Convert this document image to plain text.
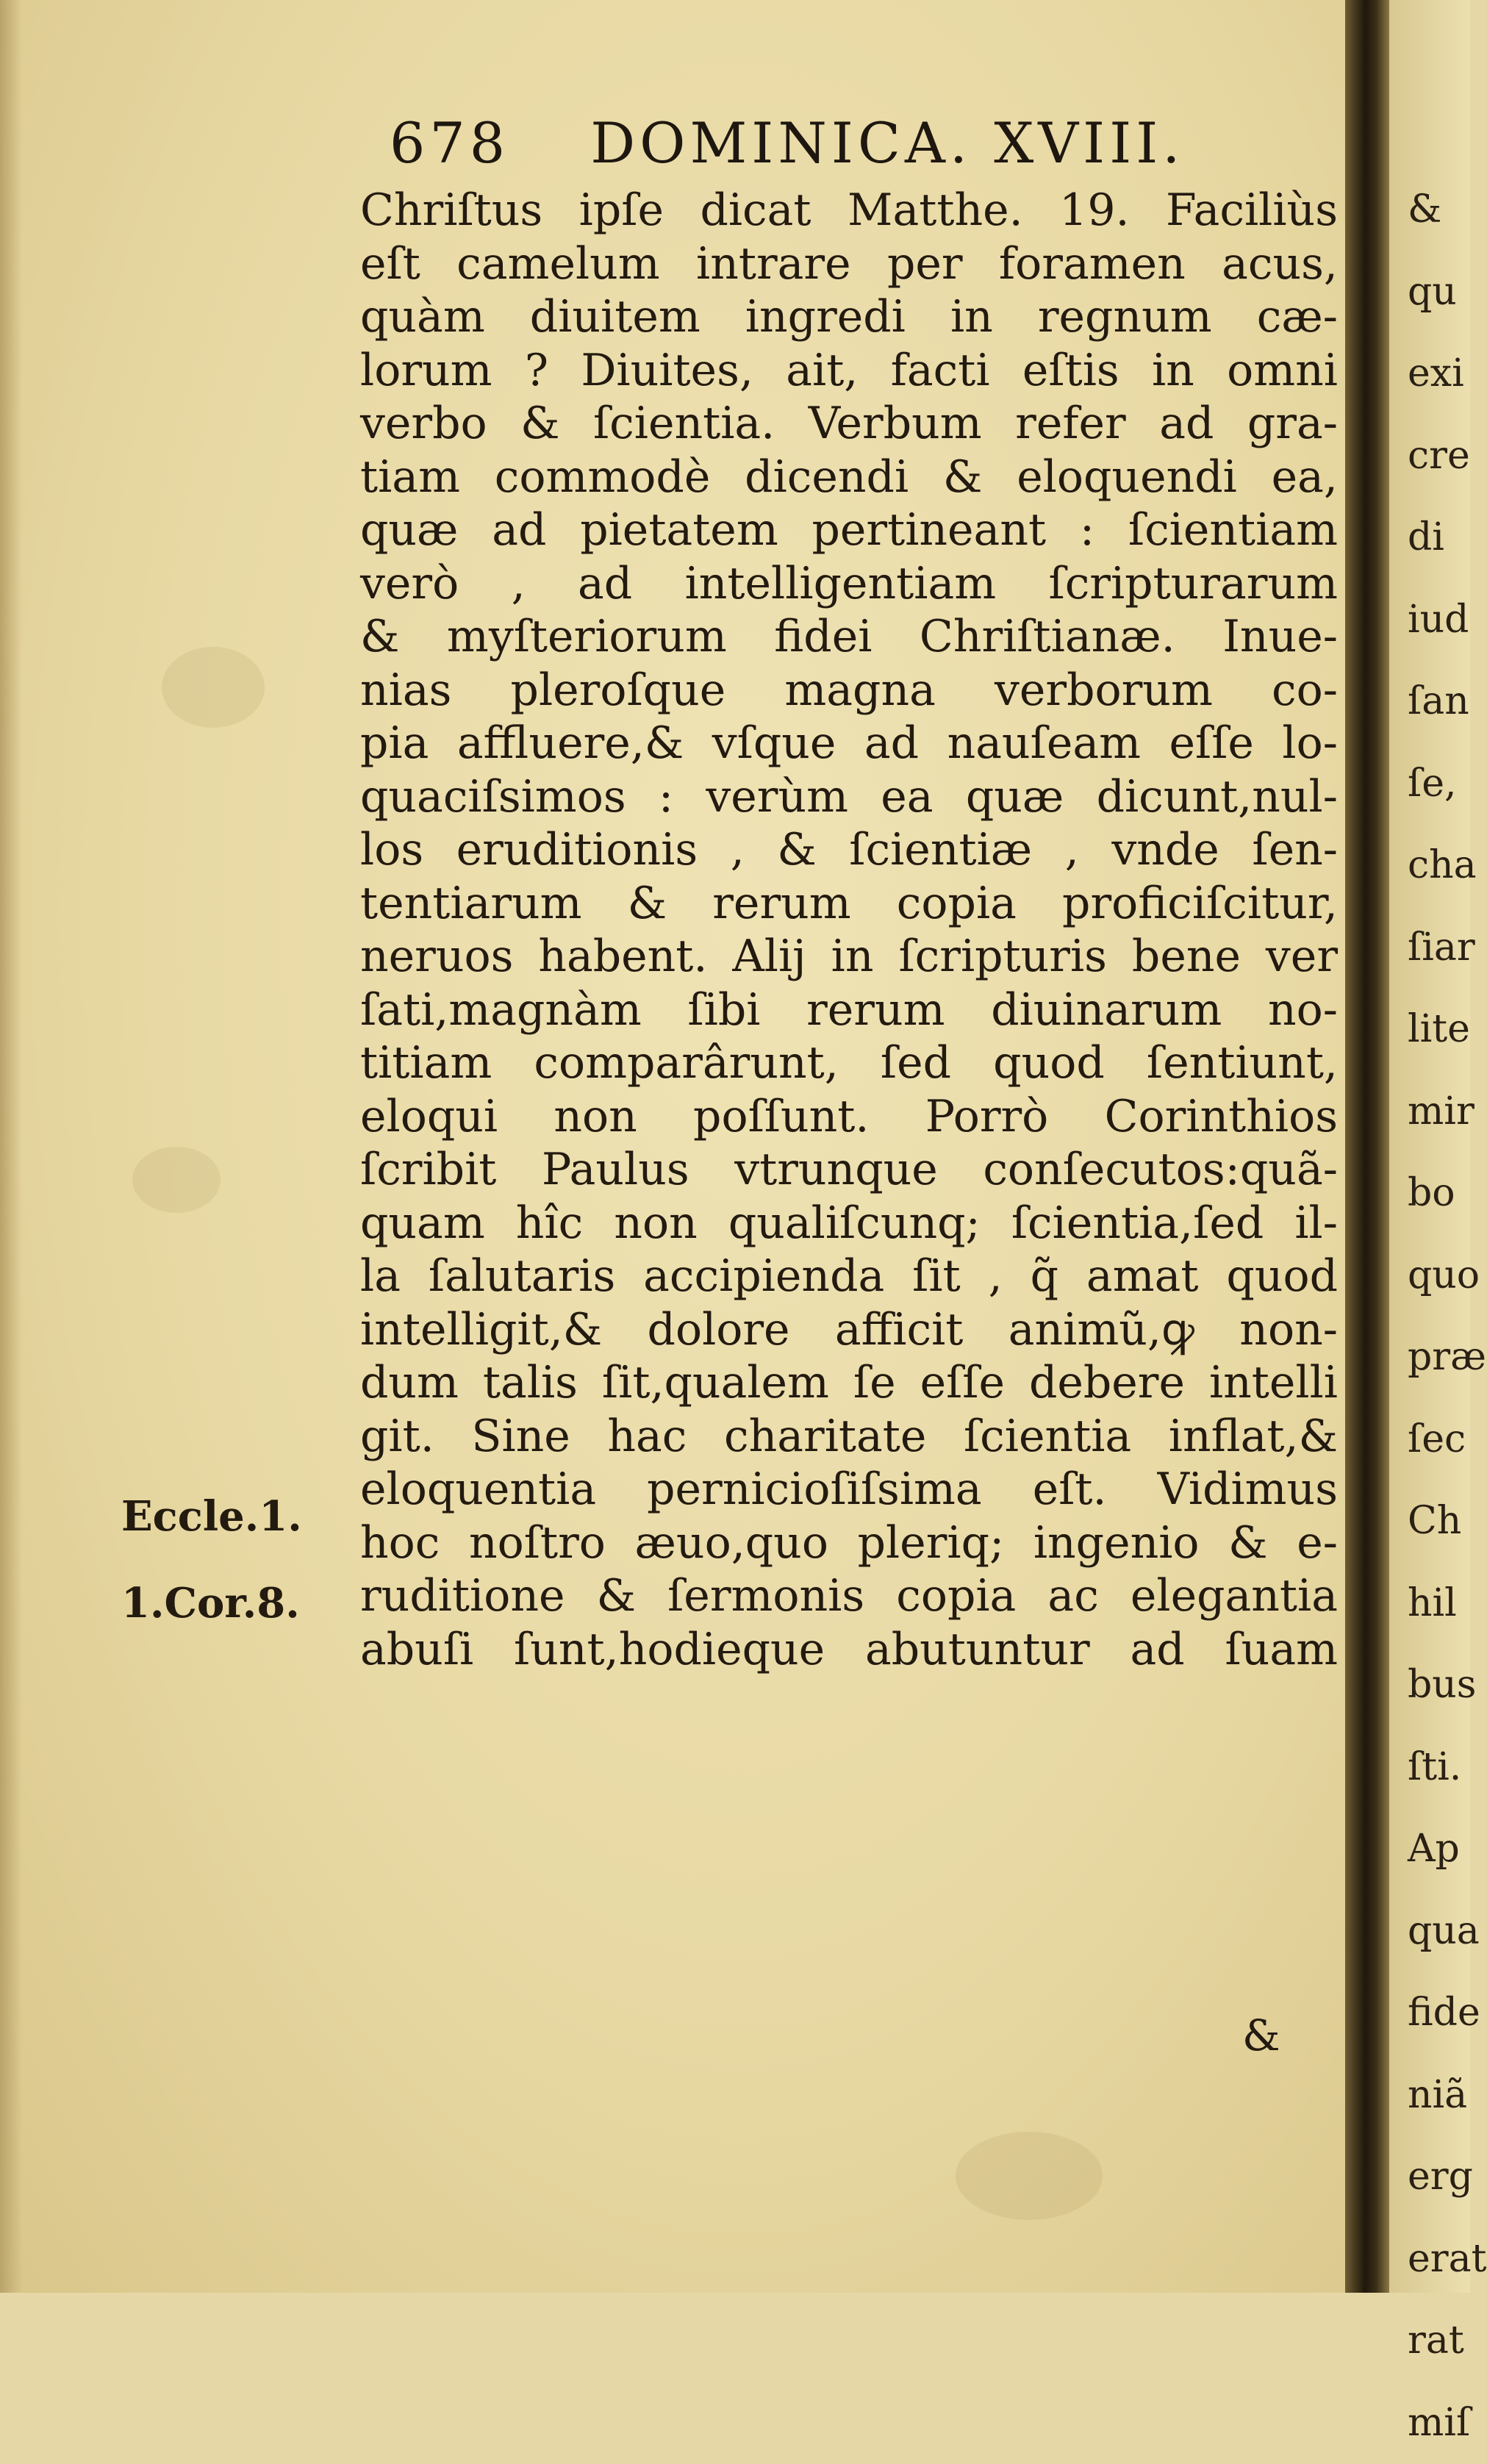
678 DOMINICA. XVIII.
Chriſtus ipſe dicat Matthe. 19. Faciliùs
eſt camelum intrare per foramen acus,
quàm diuitem ingredi in regnum cæ-
lorum ? Diuites, ait, facti eſtis in omni
verbo & ſcientia. Verbum refer ad gra-
tiam commodè dicendi & eloquendi ea,
quæ ad pietatem pertineant : ſcientiam
verò , ad intelligentiam ſcripturarum
& myſteriorum fidei Chriſtianæ. Inue-
nias pleroſque magna verborum co-
pia affluere,& vſque ad nauſeam eſſe lo-
quaciſsimos : verùm ea quæ dicunt,nul-
los eruditionis , & ſcientiæ , vnde ſen-
tentiarum & rerum copia proficiſcitur,
neruos habent. Alij in ſcripturis bene ver
ſati,magnàm ſibi rerum diuinarum no-
titiam comparârunt, ſed quod ſentiunt,
eloqui non poſſunt. Porrò Corinthios
ſcribit Paulus vtrunque conſecutos:quã-
quam hîc non qualiſcunq; ſcientia,ſed il-
la ſalutaris accipienda ſit , q̃ amat quod
intelligit,& dolore afficit animũ,ꝙ non-
dum talis ſit,qualem ſe eſſe debere intelli
git. Sine hac charitate ſcientia inflat,&
eloquentia pernicioſiſsima eſt. Vidimus
hoc noſtro æuo,quo pleriq; ingenio & e-
ruditione & ſermonis copia ac elegantia
abuſi ſunt,hodieque abutuntur ad ſuam
&
Eccle.1.
1.Cor.8.
&
qu
exi
cre
di
iud
ſan
ſe,
cha
ſiar
lite
mir
bo
quo
præ
ſec
Ch
hil
bus
ſti.
Ap
qua
fide
niã
erg
erat
rat
miſ
